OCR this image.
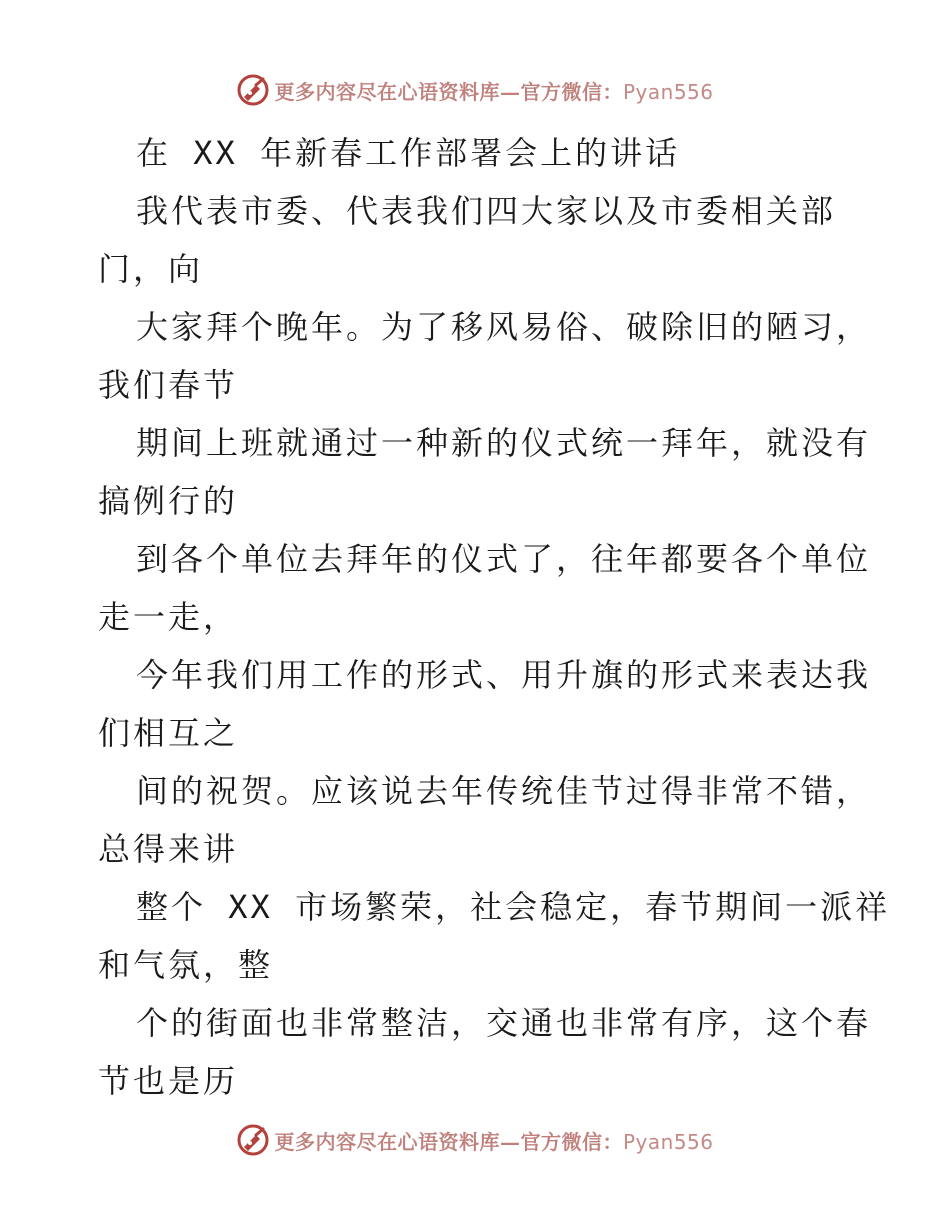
更多内容尽在心语资料库—官方微信：Pyan556
在 XX 年新春工作部署会上的讲话
我代表市委、代表我们四大家以及市委相关部
门，向
大家拜个晚年。为了移风易俗、破除旧的陋习，
我们春节
期间上班就通过一种新的仪式统一拜年，就没有
搞例行的
到各个单位去拜年的仪式了，往年都要各个单位
走一走，
今年我们用工作的形式、用升旗的形式来表达我
们相互之
间的祝贺。应该说去年传统佳节过得非常不错，
总得来讲
整个 XX 市场繁荣，社会稳定，春节期间一派祥
和气氛，整
个的街面也非常整洁，交通也非常有序，这个春
节也是历
更多内容尽在心语资料库—官方微信：Pyan556
